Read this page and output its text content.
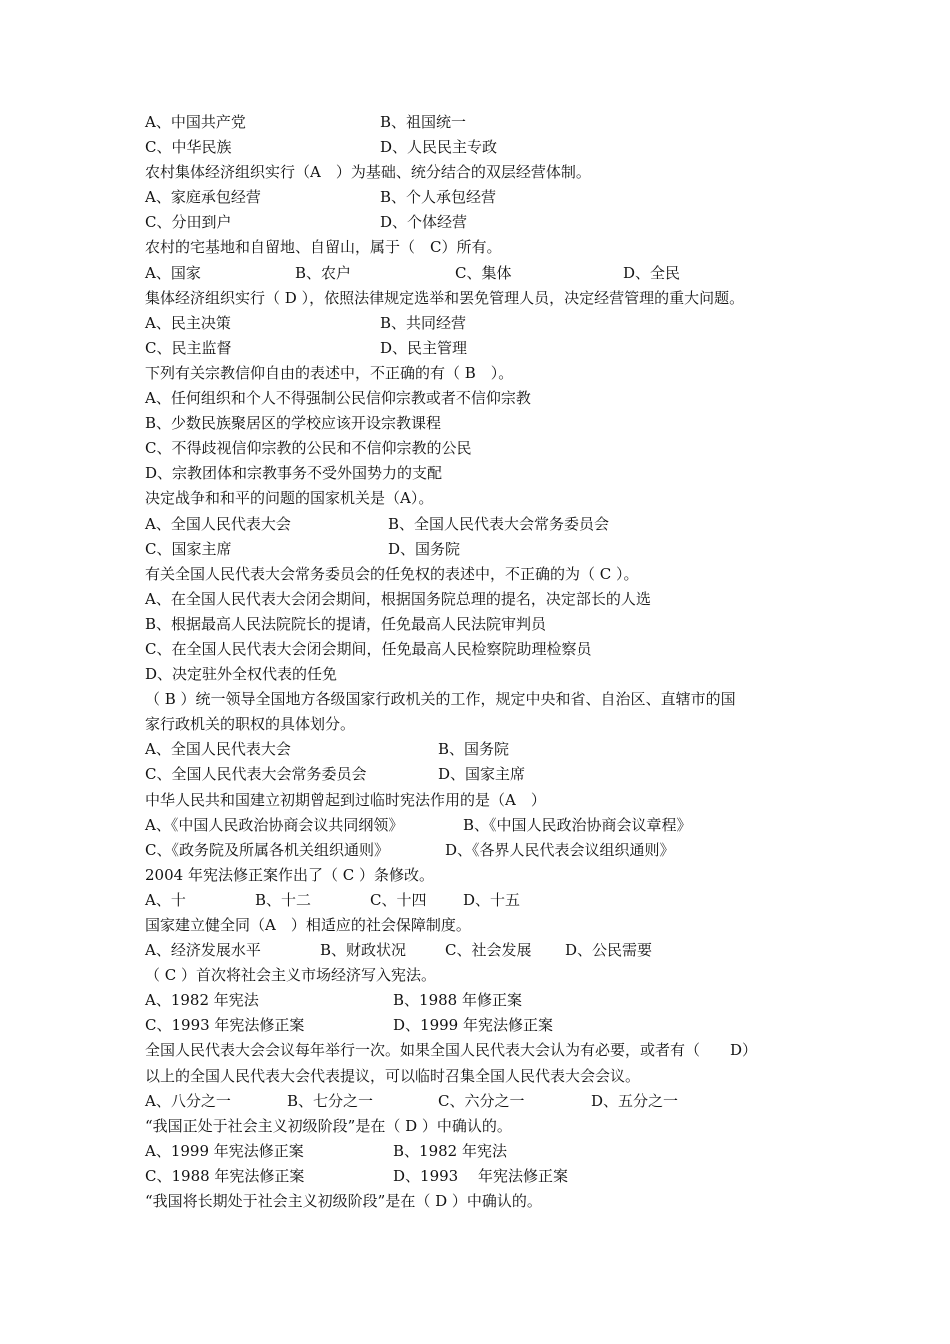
A、中国共产党	B、祖国统一
C、中华民族	D、人民民主专政
农村集体经济组织实行（A　）为基础、统分结合的双层经营体制。
A、家庭承包经营	B、个人承包经营
C、分田到户	D、个体经营
农村的宅基地和自留地、自留山，属于（　C）所有。
A、国家	B、农户	C、集体	D、全民
集体经济组织实行（ D ），依照法律规定选举和罢免管理人员，决定经营管理的重大问题。
A、民主决策	B、共同经营
C、民主监督	D、民主管理
下列有关宗教信仰自由的表述中，不正确的有（ B　）。
A、任何组织和个人不得强制公民信仰宗教或者不信仰宗教
B、少数民族聚居区的学校应该开设宗教课程
C、不得歧视信仰宗教的公民和不信仰宗教的公民
D、宗教团体和宗教事务不受外国势力的支配
决定战争和和平的问题的国家机关是（A）。
A、全国人民代表大会	B、全国人民代表大会常务委员会
C、国家主席	D、国务院
有关全国人民代表大会常务委员会的任免权的表述中，不正确的为（ C ）。
A、在全国人民代表大会闭会期间，根据国务院总理的提名，决定部长的人选
B、根据最高人民法院院长的提请，任免最高人民法院审判员
C、在全国人民代表大会闭会期间，任免最高人民检察院助理检察员
D、决定驻外全权代表的任免
（ B ）统一领导全国地方各级国家行政机关的工作，规定中央和省、自治区、直辖市的国
家行政机关的职权的具体划分。
A、全国人民代表大会	B、国务院
C、全国人民代表大会常务委员会	D、国家主席
中华人民共和国建立初期曾起到过临时宪法作用的是（A　）
A、《中国人民政治协商会议共同纲领》	B、《中国人民政治协商会议章程》
C、《政务院及所属各机关组织通则》	D、《各界人民代表会议组织通则》
2004 年宪法修正案作出了（ C ）条修改。
A、十	B、十二	C、十四 D、十五
国家建立健全同（A　）相适应的社会保障制度。
A、经济发展水平	B、财政状况	C、社会发展 D、公民需要
（ C ）首次将社会主义市场经济写入宪法。
A、1982 年宪法	B、1988 年修正案
C、1993 年宪法修正案	D、1999 年宪法修正案
全国人民代表大会会议每年举行一次。如果全国人民代表大会认为有必要，或者有（　　D）
以上的全国人民代表大会代表提议，可以临时召集全国人民代表大会会议。
A、八分之一	B、七分之一	C、六分之一	D、五分之一
“我国正处于社会主义初级阶段”是在（ D ）中确认的。
A、1999 年宪法修正案	B、1982 年宪法
C、1988 年宪法修正案	D、1993　 年宪法修正案
“我国将长期处于社会主义初级阶段”是在（ D ）中确认的。
